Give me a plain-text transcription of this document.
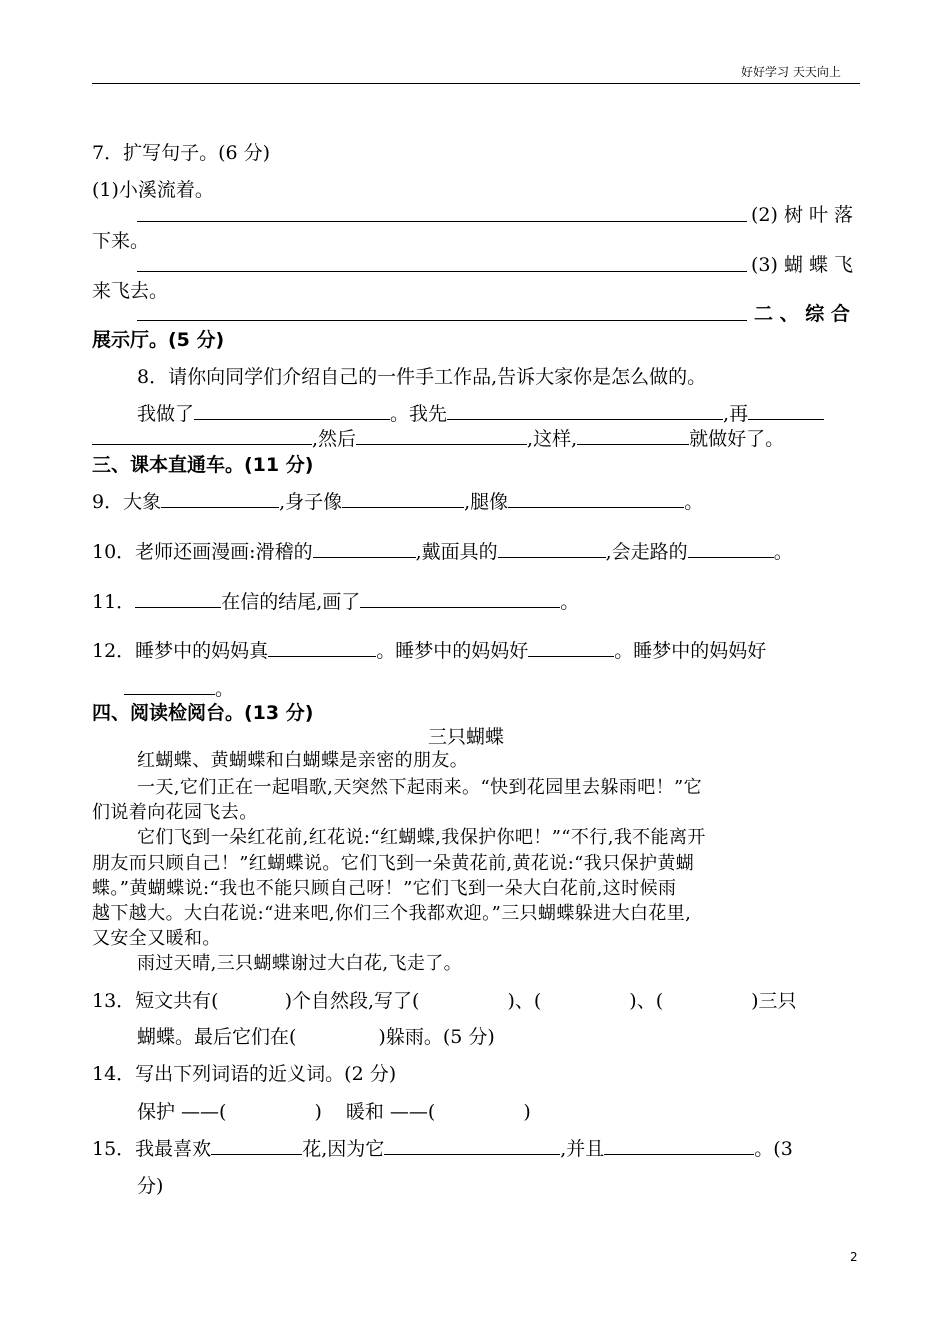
好好学习 天天向上
7．扩写句子。(6 分)
(1)小溪流着。
(2) 树 叶 落
下来。
(3) 蝴 蝶 飞
来飞去。
二 、 综 合
展示厅。(5 分)
8．请你向同学们介绍自己的一件手工作品,告诉大家你是怎么做的。
我做了	。我先	,再
,然后	,这样,	就做好了。
三、课本直通车。(11 分)
9．大象	,身子像	,腿像	。
10．老师还画漫画:滑稽的	,戴面具的	,会走路的	。
11．	在信的结尾,画了	。
12．睡梦中的妈妈真	。睡梦中的妈妈好	。睡梦中的妈妈好
。
四、阅读检阅台。(13 分)
三只蝴蝶
红蝴蝶、黄蝴蝶和白蝴蝶是亲密的朋友。
一天,它们正在一起唱歌,天突然下起雨来。“快到花园里去躲雨吧！”它
们说着向花园飞去。
它们飞到一朵红花前,红花说:“红蝴蝶,我保护你吧！”“不行,我不能离开
朋友而只顾自己！”红蝴蝶说。它们飞到一朵黄花前,黄花说:“我只保护黄蝴
蝶。”黄蝴蝶说:“我也不能只顾自己呀！”它们飞到一朵大白花前,这时候雨
越下越大。大白花说:“进来吧,你们三个我都欢迎。”三只蝴蝶躲进大白花里,
又安全又暖和。
雨过天晴,三只蝴蝶谢过大白花,飞走了。
13．短文共有(	)个自然段,写了(	)、(	)、(	)三只
蝴蝶。最后它们在(	)躲雨。(5 分)
14．写出下列词语的近义词。(2 分)
保护 ——(	) 暖和 ——(	)
15．我最喜欢	花,因为它	,并且	。(3
分)
2
